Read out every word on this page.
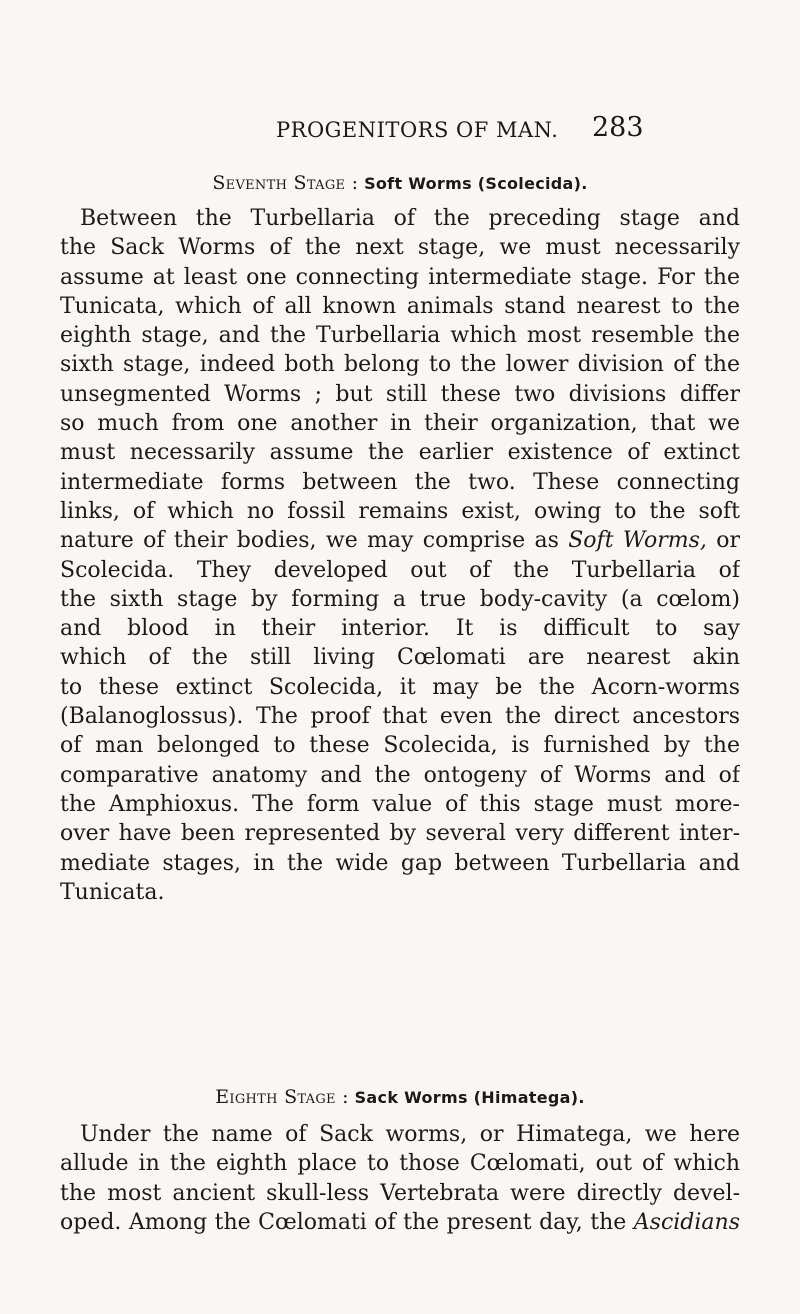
PROGENITORS OF MAN. 283
Seventh Stage : Soft Worms (Scolecida).
Between the Turbellaria of the preceding stage and
the Sack Worms of the next stage, we must necessarily
assume at least one connecting intermediate stage. For the
Tunicata, which of all known animals stand nearest to the
eighth stage, and the Turbellaria which most resemble the
sixth stage, indeed both belong to the lower division of the
unsegmented Worms ; but still these two divisions differ
so much from one another in their organization, that we
must necessarily assume the earlier existence of extinct
intermediate forms between the two. These connecting
links, of which no fossil remains exist, owing to the soft
nature of their bodies, we may comprise as Soft Worms, or
Scolecida. They developed out of the Turbellaria of
the sixth stage by forming a true body-cavity (a cœlom)
and blood in their interior. It is difficult to say
which of the still living Cœlomati are nearest akin
to these extinct Scolecida, it may be the Acorn-worms
(Balanoglossus). The proof that even the direct ancestors
of man belonged to these Scolecida, is furnished by the
comparative anatomy and the ontogeny of Worms and of
the Amphioxus. The form value of this stage must more-
over have been represented by several very different inter-
mediate stages, in the wide gap between Turbellaria and
Tunicata.
Eighth Stage : Sack Worms (Himatega).
Under the name of Sack worms, or Himatega, we here
allude in the eighth place to those Cœlomati, out of which
the most ancient skull-less Vertebrata were directly devel-
oped. Among the Cœlomati of the present day, the Ascidians
